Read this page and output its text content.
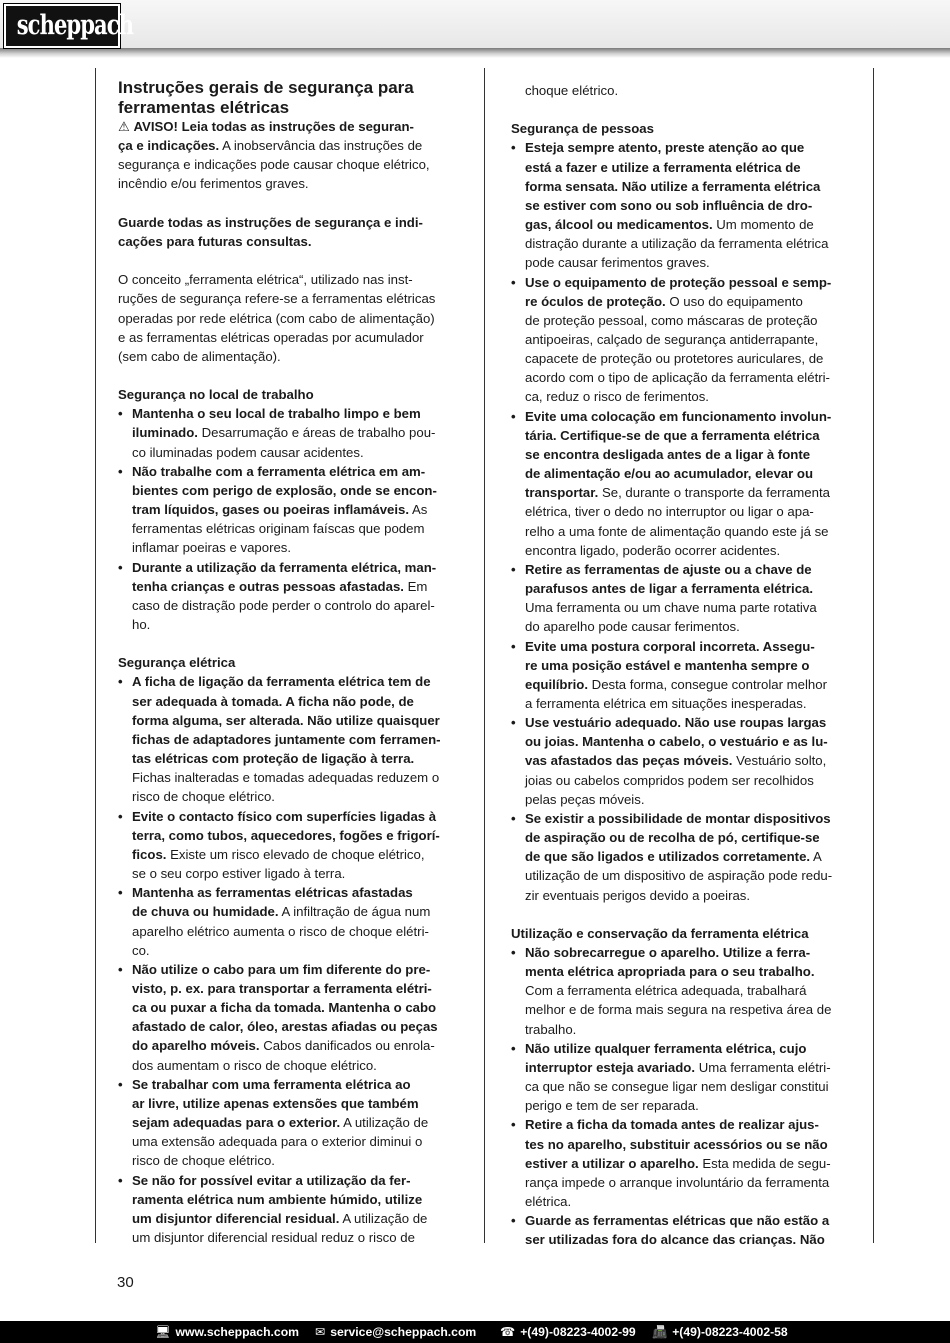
scheppach

Instruções gerais de segurança para
ferramentas elétricas

⚠ AVISO! Leia todas as instruções de seguran-
ça e indicações. A inobservância das instruções de
segurança e indicações pode causar choque elétrico,
incêndio e/ou ferimentos graves.

Guarde todas as instruções de segurança e indi-
cações para futuras consultas.

O conceito „ferramenta elétrica“, utilizado nas inst-
ruções de segurança refere-se a ferramentas elétricas
operadas por rede elétrica (com cabo de alimentação)
e as ferramentas elétricas operadas por acumulador
(sem cabo de alimentação).

Segurança no local de trabalho

• Mantenha o seu local de trabalho limpo e bem
iluminado. Desarrumação e áreas de trabalho pou-
co iluminadas podem causar acidentes.
• Não trabalhe com a ferramenta elétrica em am-
bientes com perigo de explosão, onde se encon-
tram líquidos, gases ou poeiras inflamáveis. As
ferramentas elétricas originam faíscas que podem
inflamar poeiras e vapores.
• Durante a utilização da ferramenta elétrica, man-
tenha crianças e outras pessoas afastadas. Em
caso de distração pode perder o controlo do aparel-
ho.

Segurança elétrica

• A ficha de ligação da ferramenta elétrica tem de
ser adequada à tomada. A ficha não pode, de
forma alguma, ser alterada. Não utilize quaisquer
fichas de adaptadores juntamente com ferramen-
tas elétricas com proteção de ligação à terra.
Fichas inalteradas e tomadas adequadas reduzem o
risco de choque elétrico.
• Evite o contacto físico com superfícies ligadas à
terra, como tubos, aquecedores, fogões e frigorí-
ficos. Existe um risco elevado de choque elétrico,
se o seu corpo estiver ligado à terra.
• Mantenha as ferramentas elétricas afastadas
de chuva ou humidade. A infiltração de água num
aparelho elétrico aumenta o risco de choque elétri-
co.
• Não utilize o cabo para um fim diferente do pre-
visto, p. ex. para transportar a ferramenta elétri-
ca ou puxar a ficha da tomada. Mantenha o cabo
afastado de calor, óleo, arestas afiadas ou peças
do aparelho móveis. Cabos danificados ou enrola-
dos aumentam o risco de choque elétrico.
• Se trabalhar com uma ferramenta elétrica ao
ar livre, utilize apenas extensões que também
sejam adequadas para o exterior. A utilização de
uma extensão adequada para o exterior diminui o
risco de choque elétrico.
• Se não for possível evitar a utilização da fer-
ramenta elétrica num ambiente húmido, utilize
um disjuntor diferencial residual. A utilização de
um disjuntor diferencial residual reduz o risco de

choque elétrico.

Segurança de pessoas

• Esteja sempre atento, preste atenção ao que
está a fazer e utilize a ferramenta elétrica de
forma sensata. Não utilize a ferramenta elétrica
se estiver com sono ou sob influência de dro-
gas, álcool ou medicamentos. Um momento de
distração durante a utilização da ferramenta elétrica
pode causar ferimentos graves.
• Use o equipamento de proteção pessoal e semp-
re óculos de proteção. O uso do equipamento
de proteção pessoal, como máscaras de proteção
antipoeiras, calçado de segurança antiderrapante,
capacete de proteção ou protetores auriculares, de
acordo com o tipo de aplicação da ferramenta elétri-
ca, reduz o risco de ferimentos.
• Evite uma colocação em funcionamento involun-
tária. Certifique-se de que a ferramenta elétrica
se encontra desligada antes de a ligar à fonte
de alimentação e/ou ao acumulador, elevar ou
transportar. Se, durante o transporte da ferramenta
elétrica, tiver o dedo no interruptor ou ligar o apa-
relho a uma fonte de alimentação quando este já se
encontra ligado, poderão ocorrer acidentes.
• Retire as ferramentas de ajuste ou a chave de
parafusos antes de ligar a ferramenta elétrica.
Uma ferramenta ou um chave numa parte rotativa
do aparelho pode causar ferimentos.
• Evite uma postura corporal incorreta. Assegu-
re uma posição estável e mantenha sempre o
equilíbrio. Desta forma, consegue controlar melhor
a ferramenta elétrica em situações inesperadas.
• Use vestuário adequado. Não use roupas largas
ou joias. Mantenha o cabelo, o vestuário e as lu-
vas afastados das peças móveis. Vestuário solto,
joias ou cabelos compridos podem ser recolhidos
pelas peças móveis.
• Se existir a possibilidade de montar dispositivos
de aspiração ou de recolha de pó, certifique-se
de que são ligados e utilizados corretamente. A
utilização de um dispositivo de aspiração pode redu-
zir eventuais perigos devido a poeiras.

Utilização e conservação da ferramenta elétrica

• Não sobrecarregue o aparelho. Utilize a ferra-
menta elétrica apropriada para o seu trabalho.
Com a ferramenta elétrica adequada, trabalhará
melhor e de forma mais segura na respetiva área de
trabalho.
• Não utilize qualquer ferramenta elétrica, cujo
interruptor esteja avariado. Uma ferramenta elétri-
ca que não se consegue ligar nem desligar constitui
perigo e tem de ser reparada.
• Retire a ficha da tomada antes de realizar ajus-
tes no aparelho, substituir acessórios ou se não
estiver a utilizar o aparelho. Esta medida de segu-
rança impede o arranque involuntário da ferramenta
elétrica.
• Guarde as ferramentas elétricas que não estão a
ser utilizadas fora do alcance das crianças. Não
30
🖥 www.scheppach.com ✉ service@scheppach.com ☎ +(49)-08223-4002-99 📠 +(49)-08223-4002-58
